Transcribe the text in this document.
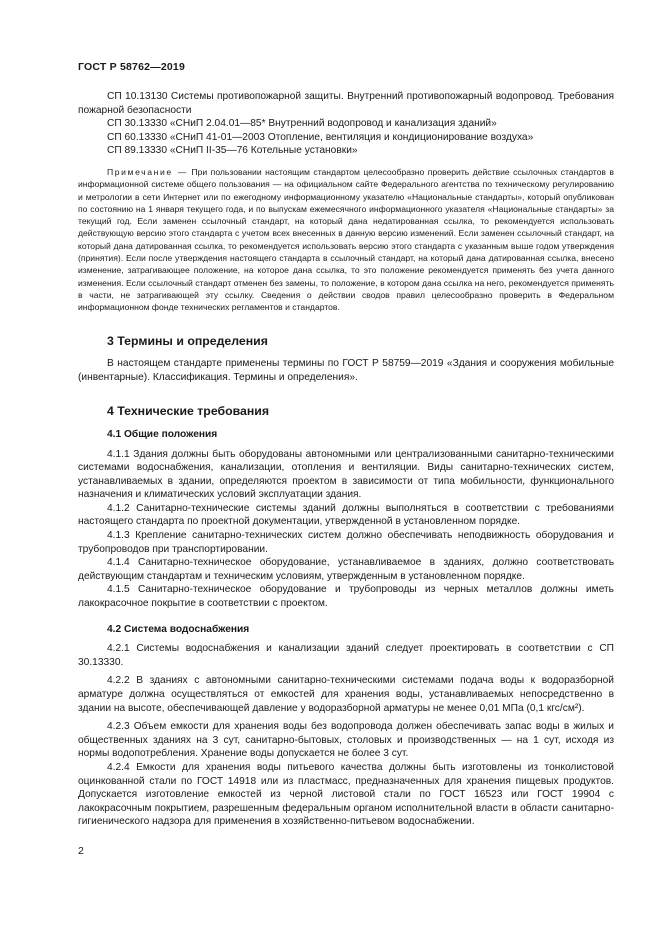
ГОСТ Р 58762—2019

СП 10.13130 Системы противопожарной защиты. Внутренний противопожарный водопровод. Требования пожарной безопасности

СП 30.13330 «СНиП 2.04.01—85* Внутренний водопровод и канализация зданий»

СП 60.13330 «СНиП 41-01—2003 Отопление, вентиляция и кондиционирование воздуха»

СП 89.13330 «СНиП II-35—76 Котельные установки»

Примечание — При пользовании настоящим стандартом целесообразно проверить действие ссылочных стандартов в информационной системе общего пользования — на официальном сайте Федерального агентства по техническому регулированию и метрологии в сети Интернет или по ежегодному информационному указателю «Национальные стандарты», который опубликован по состоянию на 1 января текущего года, и по выпускам ежемесячного информационного указателя «Национальные стандарты» за текущий год. Если заменен ссылочный стандарт, на который дана недатированная ссылка, то рекомендуется использовать действующую версию этого стандарта с учетом всех внесенных в данную версию изменений. Если заменен ссылочный стандарт, на который дана датированная ссылка, то рекомендуется использовать версию этого стандарта с указанным выше годом утверждения (принятия). Если после утверждения настоящего стандарта в ссылочный стандарт, на который дана датированная ссылка, внесено изменение, затрагивающее положение, на которое дана ссылка, то это положение рекомендуется применять без учета данного изменения. Если ссылочный стандарт отменен без замены, то положение, в котором дана ссылка на него, рекомендуется применять в части, не затрагивающей эту ссылку. Сведения о действии сводов правил целесообразно проверить в Федеральном информационном фонде технических регламентов и стандартов.

3 Термины и определения

В настоящем стандарте применены термины по ГОСТ Р 58759—2019 «Здания и сооружения мобильные (инвентарные). Классификация. Термины и определения».

4 Технические требования

4.1 Общие положения

4.1.1 Здания должны быть оборудованы автономными или централизованными санитарно-техническими системами водоснабжения, канализации, отопления и вентиляции. Виды санитарно-технических систем, устанавливаемых в здании, определяются проектом в зависимости от типа мобильности, функционального назначения и климатических условий эксплуатации здания.

4.1.2 Санитарно-технические системы зданий должны выполняться в соответствии с требованиями настоящего стандарта по проектной документации, утвержденной в установленном порядке.

4.1.3 Крепление санитарно-технических систем должно обеспечивать неподвижность оборудования и трубопроводов при транспортировании.

4.1.4 Санитарно-техническое оборудование, устанавливаемое в зданиях, должно соответствовать действующим стандартам и техническим условиям, утвержденным в установленном порядке.

4.1.5 Санитарно-техническое оборудование и трубопроводы из черных металлов должны иметь лакокрасочное покрытие в соответствии с проектом.

4.2 Система водоснабжения

4.2.1 Системы водоснабжения и канализации зданий следует проектировать в соответствии с СП 30.13330.

4.2.2 В зданиях с автономными санитарно-техническими системами подача воды к водоразборной арматуре должна осуществляться от емкостей для хранения воды, устанавливаемых непосредственно в здании на высоте, обеспечивающей давление у водоразборной арматуры не менее 0,01 МПа (0,1 кгс/см²).

4.2.3 Объем емкости для хранения воды без водопровода должен обеспечивать запас воды в жилых и общественных зданиях на 3 сут, санитарно-бытовых, столовых и производственных — на 1 сут, исходя из нормы водопотребления. Хранение воды допускается не более 3 сут.

4.2.4 Емкости для хранения воды питьевого качества должны быть изготовлены из тонколистовой оцинкованной стали по ГОСТ 14918 или из пластмасс, предназначенных для хранения пищевых продуктов. Допускается изготовление емкостей из черной листовой стали по ГОСТ 16523 или ГОСТ 19904 с лакокрасочным покрытием, разрешенным федеральным органом исполнительной власти в области санитарно-гигиенического надзора для применения в хозяйственно-питьевом водоснабжении.

2
